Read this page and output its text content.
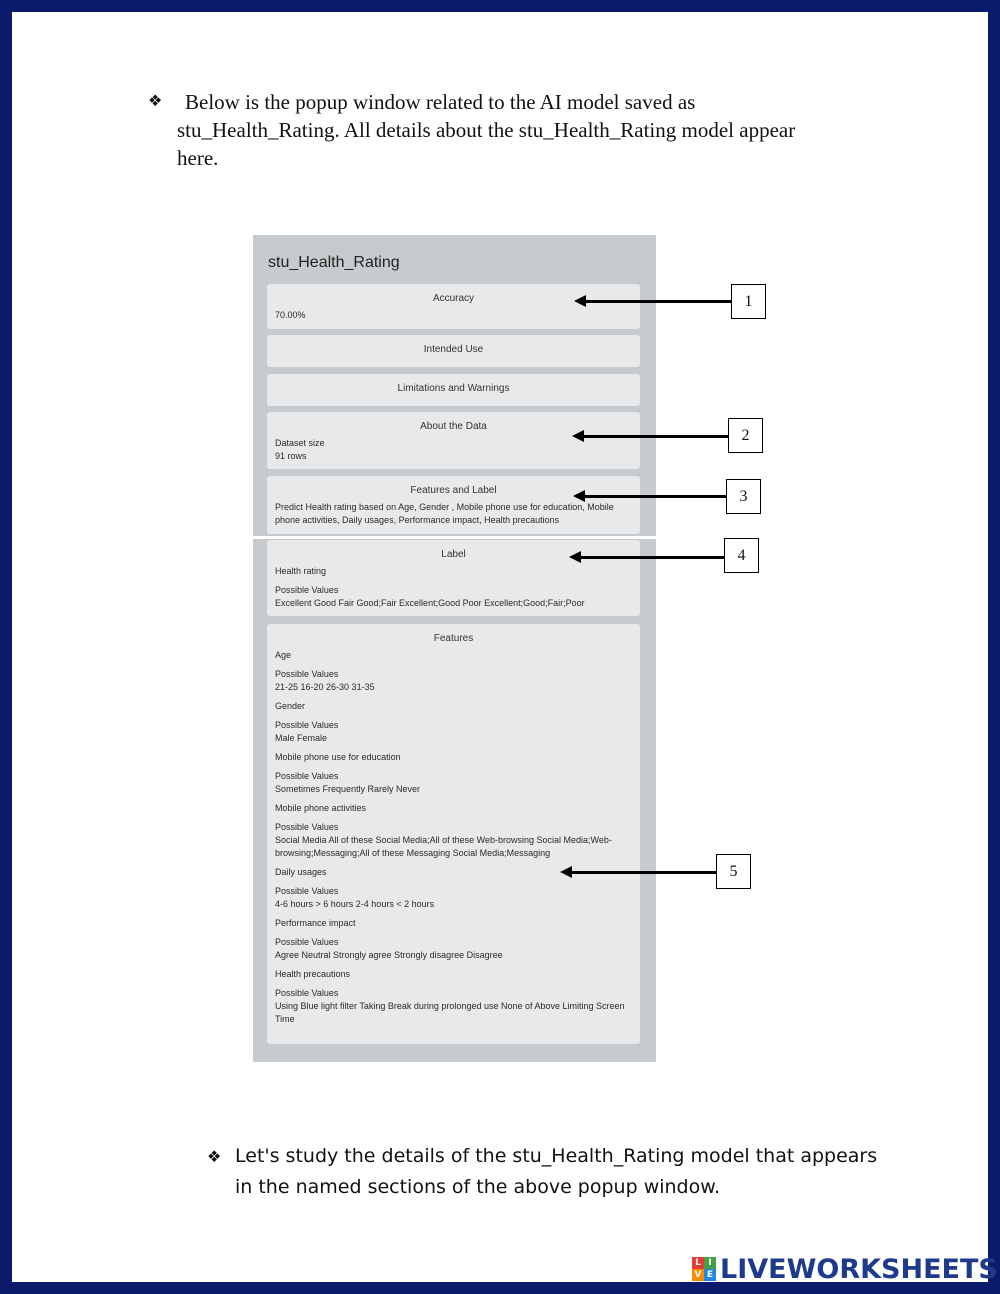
❖	Below is the popup window related to the AI model saved as
stu_Health_Rating. All details about the stu_Health_Rating model appear
here.
stu_Health_Rating
Accuracy
70.00%
Intended Use
Limitations and Warnings
About the Data
Dataset size
91 rows
Features and Label
Predict Health rating based on Age, Gender , Mobile phone use for education, Mobile
phone activities, Daily usages, Performance impact, Health precautions
Label
Health rating
Possible Values
Excellent Good Fair Good;Fair Excellent;Good Poor Excellent;Good;Fair;Poor
Features
Age
Possible Values
21-25 16-20 26-30 31-35
Gender
Possible Values
Male Female
Mobile phone use for education
Possible Values
Sometimes Frequently Rarely Never
Mobile phone activities
Possible Values
Social Media All of these Social Media;All of these Web-browsing Social Media;Web-
browsing;Messaging;All of these Messaging Social Media;Messaging
Daily usages
Possible Values
4-6 hours > 6 hours 2-4 hours < 2 hours
Performance impact
Possible Values
Agree Neutral Strongly agree Strongly disagree Disagree
Health precautions
Possible Values
Using Blue light filter Taking Break during prolonged use None of Above Limiting Screen
Time
1
2
3
4
5
❖ Let's study the details of the stu_Health_Rating model that appears
in the named sections of the above popup window.
L I
V E LIVEWORKSHEETS
